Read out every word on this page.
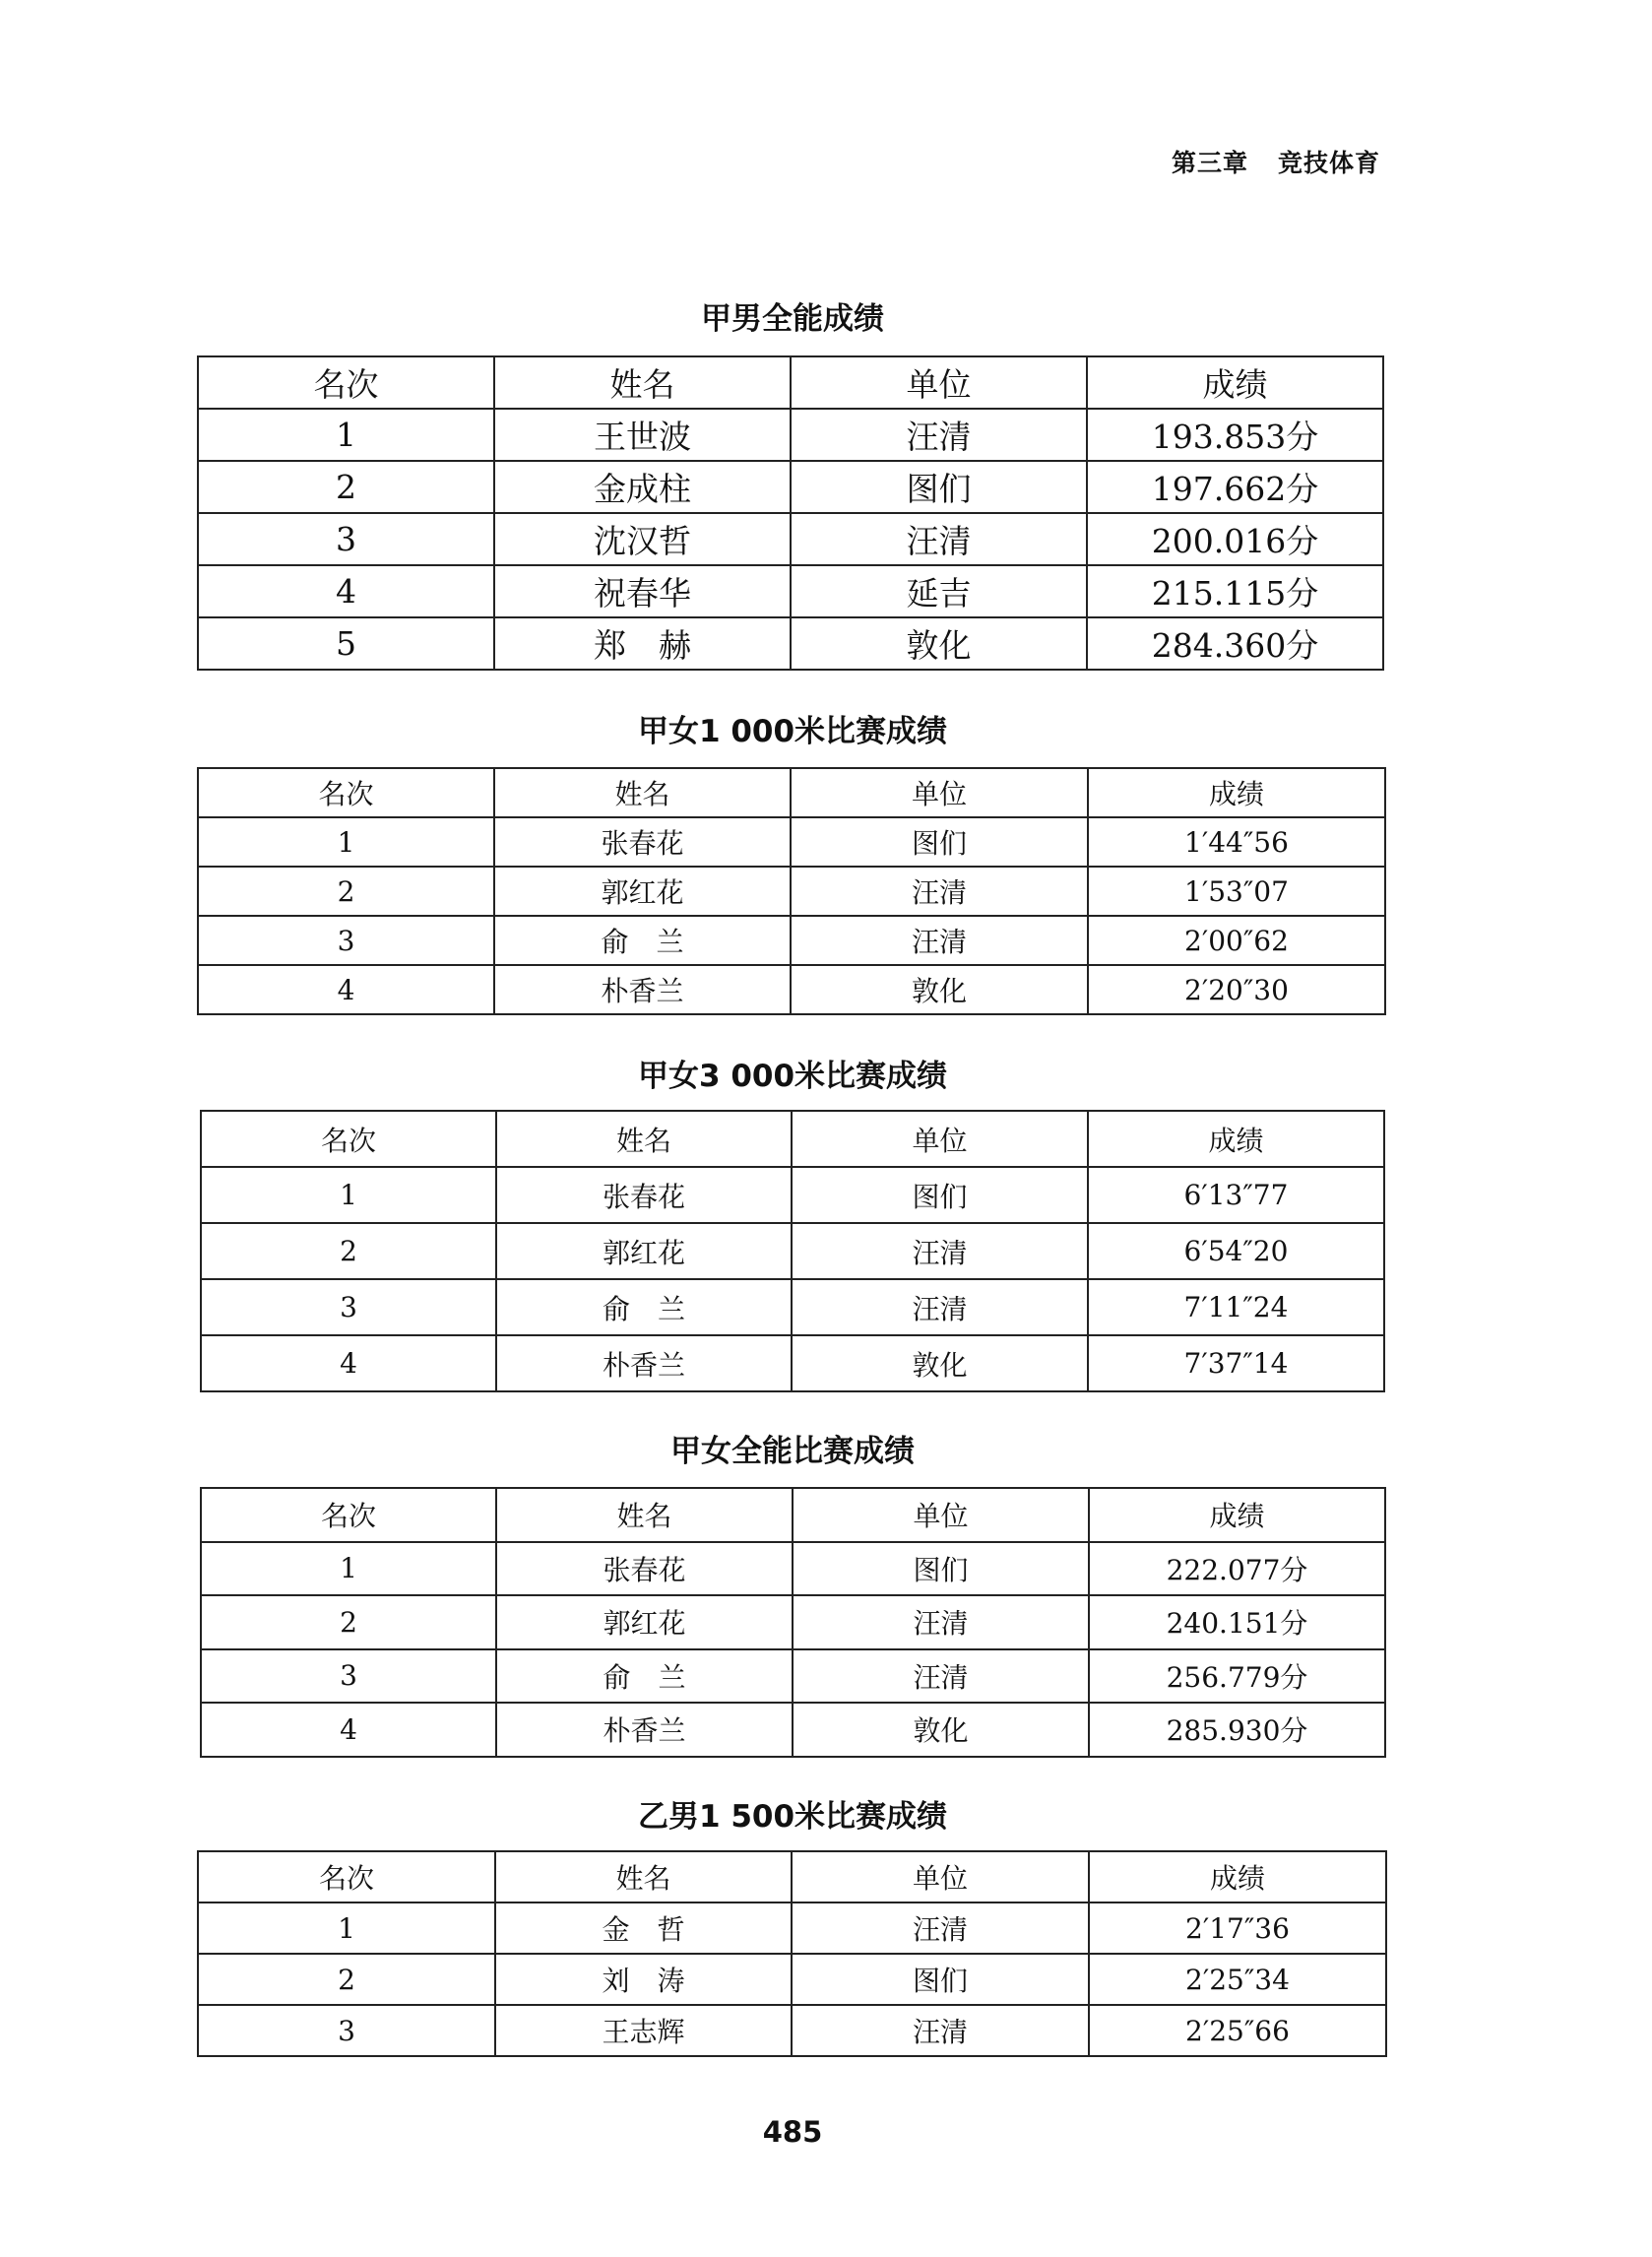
第三章 竞技体育
甲男全能成绩
名次	姓名	单位	成绩
1	王世波	汪清	193.853分
2	金成柱	图们	197.662分
3	沈汉哲	汪清	200.016分
4	祝春华	延吉	215.115分
5	郑　赫	敦化	284.360分
甲女1 000米比赛成绩
名次	姓名	单位	成绩
1	张春花	图们	1′44″56
2	郭红花	汪清	1′53″07
3	俞　兰	汪清	2′00″62
4	朴香兰	敦化	2′20″30
甲女3 000米比赛成绩
名次	姓名	单位	成绩
1	张春花	图们	6′13″77
2	郭红花	汪清	6′54″20
3	俞　兰	汪清	7′11″24
4	朴香兰	敦化	7′37″14
甲女全能比赛成绩
名次	姓名	单位	成绩
1	张春花	图们	222.077分
2	郭红花	汪清	240.151分
3	俞　兰	汪清	256.779分
4	朴香兰	敦化	285.930分
乙男1 500米比赛成绩
名次	姓名	单位	成绩
1	金　哲	汪清	2′17″36
2	刘　涛	图们	2′25″34
3	王志辉	汪清	2′25″66
485
